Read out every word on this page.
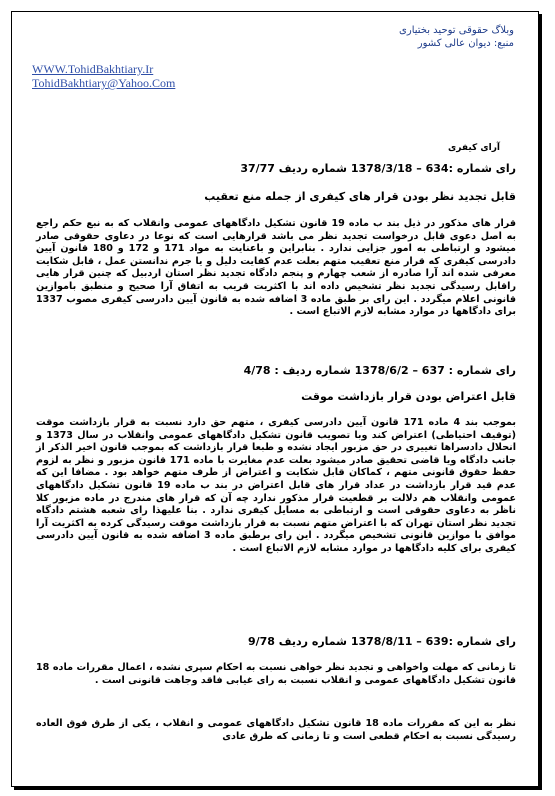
وبلاگ حقوقی توحيد بختياری
منبع: ديوان عالی کشور
WWW.TohidBakhtiary.Ir
TohidBakhtiary@Yahoo.Com
آرای کيفری
رای شماره :634 – 1378/3/18 شماره رديف 37/77
قابل تجديد نظر بودن قرار های کيفری از جمله منع تعقيب
قرار های مذکور در ذيل بند ب ماده 19 قانون تشکيل دادگاههای عمومی وانقلاب که به نبع حکم راجع به اصل دعوی قابل درخواست تجديد نظر می باشد قرارهايی است که نوعا در دعاوی حقوقی صادر ميشود و ارتباطی به امور جزايی ندارد . بنابراين و باعنايت به مواد 171 و 172 و 180 قانون آيين دادرسی کيفری که قرار منع تعقيب متهم بعلت عدم کفايت دليل و يا جرم ندانستن عمل ، قابل شکايت معرفی شده اند آرا صادره از شعب چهارم و پنجم دادگاه تجديد نظر استان اردبيل که چنين قرار هايی راقابل رسيدگی تجديد نظر تشخيص داده اند با اکثريت قريب به اتفاق آرا صحيح و منطبق باموازين قانونی اعلام ميگردد . اين رای بر طبق ماده 3 اضافه شده به قانون آيين دادرسی کيفری مصوب 1337 برای دادگاهها در موارد مشابه لازم الاتباع است .
رای شماره : 637 – 1378/6/2 شماره رديف : 4/78
قابل اعتراض بودن قرار بازداشت موقت
بموجب بند 4 ماده 171 قانون آيين دادرسی کيفری ، متهم حق دارد نسبت به قرار بازداشت موقت (توقيف احتياطی) اعتراض کند وبا تصويب قانون تشکيل دادگاههای عمومی وانقلاب در سال 1373 و انحلال دادسراها تغييری در حق مزبور ايجاد نشده و طبعا قرار بازداشت که بموجب قانون اخير الذکر از جانب دادگاه ويا قاضی تحقيق صادر ميشود بعلت عدم مغايرت با ماده 171 قانون مزبور و نظر به لزوم حفظ حقوق قانونی متهم ، کماکان قابل شکايت و اعتراض از طرف متهم خواهد بود . مضافا اين که عدم قيد قرار بازداشت در عداد قرار های قابل اعتراض در بند ب ماده 19 قانون تشکيل دادگاههای عمومی وانقلاب هم دلالت بر قطعيت قرار مذکور ندارد چه آن که قرار های مندرج در ماده مزبور کلا ناظر به دعاوی حقوقی است و ارتباطی به مسايل کيفری ندارد . بنا عليهذا رای شعبه هشتم دادگاه تجديد نظر استان تهران که با اعتراض متهم نسبت به قرار بازداشت موقت رسيدگی کرده به اکثريت آرا موافق با موازين قانونی تشخيص ميگردد . اين رای برطبق ماده 3 اضافه شده به قانون آيين دادرسی کيفری برای کليه دادگاهها در موارد مشابه لازم الاتباع است .
رای شماره :639 – 1378/8/11 شماره رديف 9/78
تا زمانی که مهلت واخواهی و تجديد نظر خواهی نسبت به احکام سپری نشده ، اعمال مقررات ماده 18 قانون تشکيل دادگاههای عمومی و انقلاب نسبت به رای غيابی فاقد وجاهت قانونی است .
نظر به اين که مقررات ماده 18 قانون تشکيل دادگاههای عمومی و انقلاب ، يکی از طرق فوق العاده رسيدگی نسبت به احکام قطعی است و تا زمانی که طرق عادی
